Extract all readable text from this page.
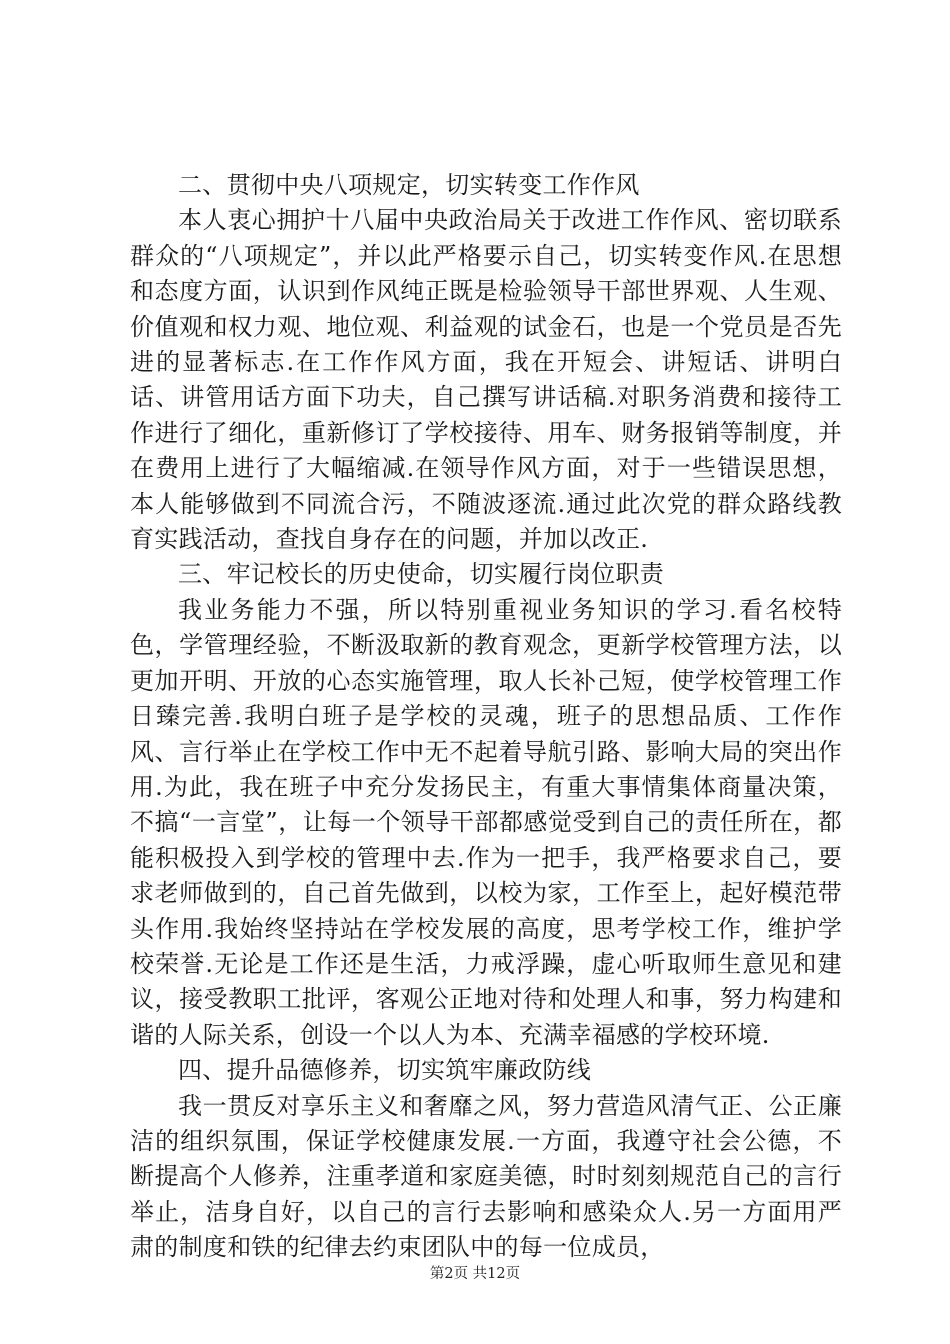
二、贯彻中央八项规定，切实转变工作作风

本人衷心拥护十八届中央政治局关于改进工作作风、密切联系群众的“八项规定”，并以此严格要示自己，切实转变作风.在思想和态度方面，认识到作风纯正既是检验领导干部世界观、人生观、价值观和权力观、地位观、利益观的试金石，也是一个党员是否先进的显著标志.在工作作风方面，我在开短会、讲短话、讲明白话、讲管用话方面下功夫，自己撰写讲话稿.对职务消费和接待工作进行了细化，重新修订了学校接待、用车、财务报销等制度，并在费用上进行了大幅缩减.在领导作风方面，对于一些错误思想，本人能够做到不同流合污，不随波逐流.通过此次党的群众路线教育实践活动，查找自身存在的问题，并加以改正.

三、牢记校长的历史使命，切实履行岗位职责

我业务能力不强，所以特别重视业务知识的学习.看名校特色，学管理经验，不断汲取新的教育观念，更新学校管理方法，以更加开明、开放的心态实施管理，取人长补己短，使学校管理工作日臻完善.我明白班子是学校的灵魂，班子的思想品质、工作作风、言行举止在学校工作中无不起着导航引路、影响大局的突出作用.为此，我在班子中充分发扬民主，有重大事情集体商量决策，不搞“一言堂”，让每一个领导干部都感觉受到自己的责任所在，都能积极投入到学校的管理中去.作为一把手，我严格要求自己，要求老师做到的，自己首先做到，以校为家，工作至上，起好模范带头作用.我始终坚持站在学校发展的高度，思考学校工作，维护学校荣誉.无论是工作还是生活，力戒浮躁，虚心听取师生意见和建议，接受教职工批评，客观公正地对待和处理人和事，努力构建和谐的人际关系，创设一个以人为本、充满幸福感的学校环境.

四、提升品德修养，切实筑牢廉政防线

我一贯反对享乐主义和奢靡之风，努力营造风清气正、公正廉洁的组织氛围，保证学校健康发展.一方面，我遵守社会公德，不断提高个人修养，注重孝道和家庭美德，时时刻刻规范自己的言行举止，洁身自好，以自己的言行去影响和感染众人.另一方面用严肃的制度和铁的纪律去约束团队中的每一位成员，

第2页 共12页
